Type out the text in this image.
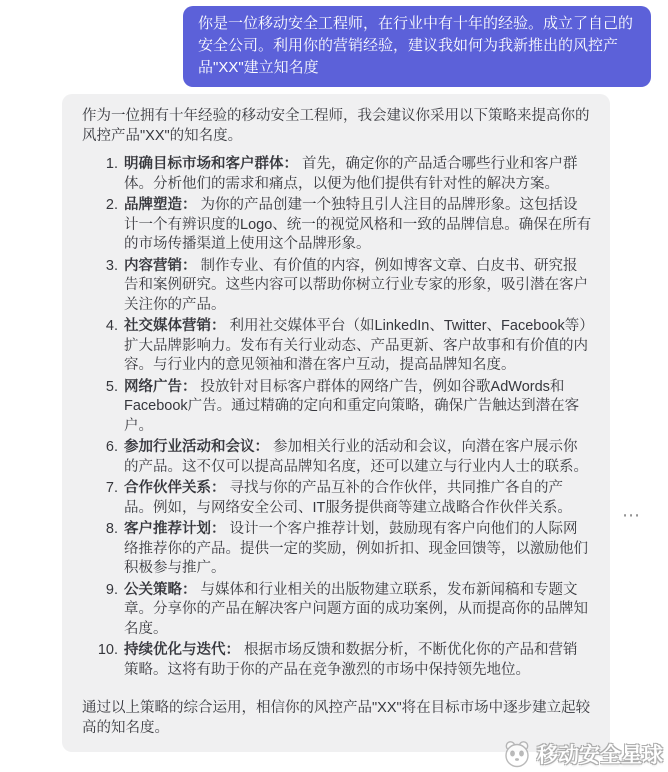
你是一位移动安全工程师，在行业中有十年的经验。成立了自己的安全公司。利用你的营销经验，建议我如何为我新推出的风控产品"XX"建立知名度

作为一位拥有十年经验的移动安全工程师，我会建议你采用以下策略来提高你的风控产品"XX"的知名度。

1. 明确目标市场和客户群体： 首先，确定你的产品适合哪些行业和客户群体。分析他们的需求和痛点，以便为他们提供有针对性的解决方案。
2. 品牌塑造： 为你的产品创建一个独特且引人注目的品牌形象。这包括设计一个有辨识度的Logo、统一的视觉风格和一致的品牌信息。确保在所有的市场传播渠道上使用这个品牌形象。
3. 内容营销： 制作专业、有价值的内容，例如博客文章、白皮书、研究报告和案例研究。这些内容可以帮助你树立行业专家的形象，吸引潜在客户关注你的产品。
4. 社交媒体营销： 利用社交媒体平台（如LinkedIn、Twitter、Facebook等）扩大品牌影响力。发布有关行业动态、产品更新、客户故事和有价值的内容。与行业内的意见领袖和潜在客户互动，提高品牌知名度。
5. 网络广告： 投放针对目标客户群体的网络广告，例如谷歌AdWords和Facebook广告。通过精确的定向和重定向策略，确保广告触达到潜在客户。
6. 参加行业活动和会议： 参加相关行业的活动和会议，向潜在客户展示你的产品。这不仅可以提高品牌知名度，还可以建立与行业内人士的联系。
7. 合作伙伴关系： 寻找与你的产品互补的合作伙伴，共同推广各自的产品。例如，与网络安全公司、IT服务提供商等建立战略合作伙伴关系。
8. 客户推荐计划： 设计一个客户推荐计划，鼓励现有客户向他们的人际网络推荐你的产品。提供一定的奖励，例如折扣、现金回馈等，以激励他们积极参与推广。
9. 公关策略： 与媒体和行业相关的出版物建立联系，发布新闻稿和专题文章。分享你的产品在解决客户问题方面的成功案例，从而提高你的品牌知名度。
10. 持续优化与迭代： 根据市场反馈和数据分析，不断优化你的产品和营销策略。这将有助于你的产品在竞争激烈的市场中保持领先地位。

通过以上策略的综合运用，相信你的风控产品"XX"将在目标市场中逐步建立起较高的知名度。

⋯
移动安全星球
